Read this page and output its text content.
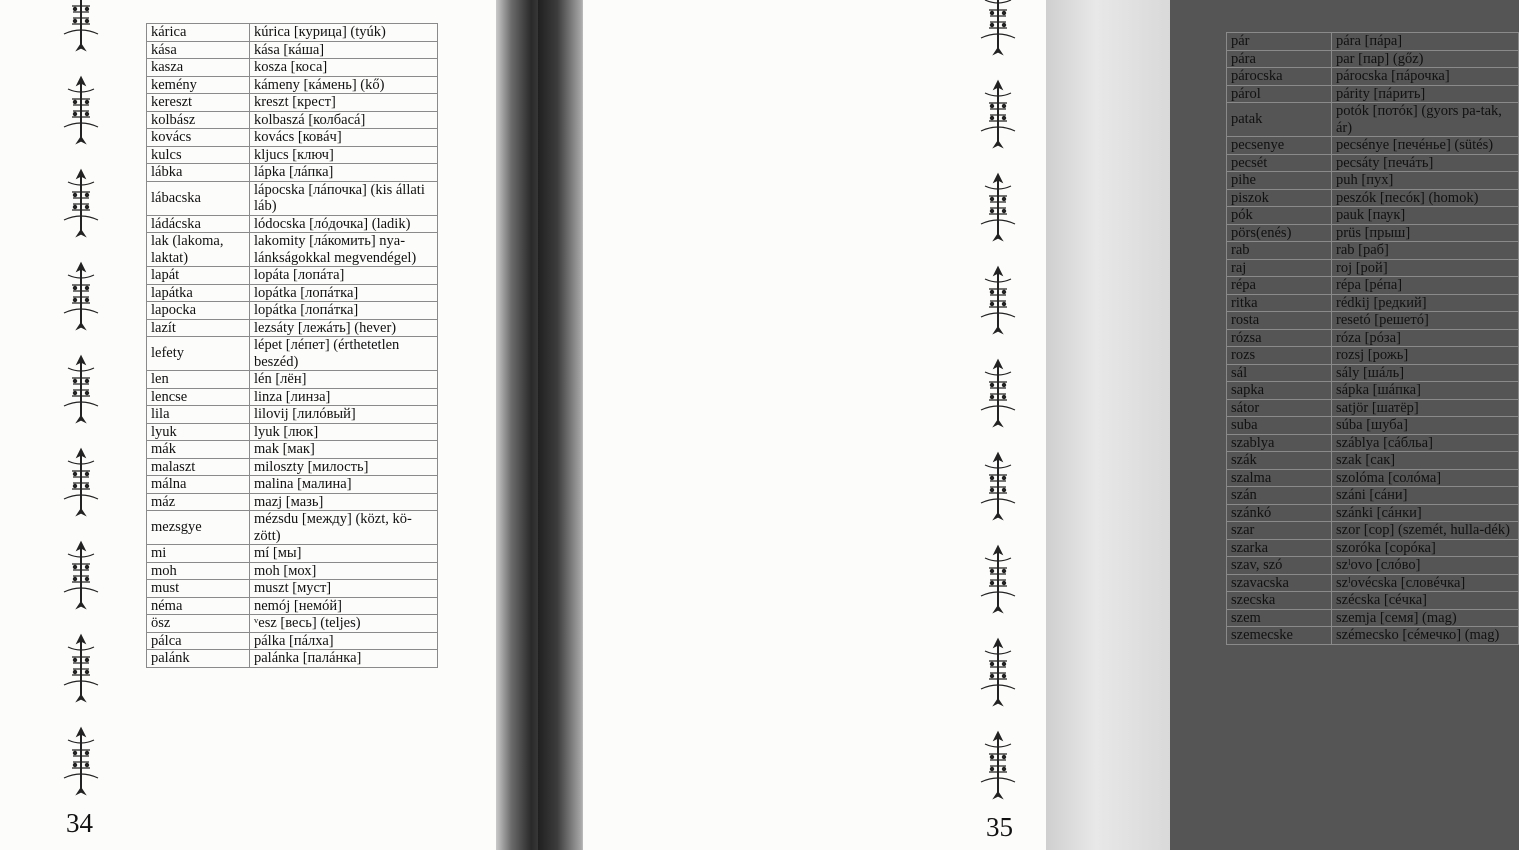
kárica	kúrica [курица] (tyúk)
kása	kása [кáша]
kasza	kosza [коса]
kemény	kámeny [кáмень] (kő)
kereszt	kreszt [крест]
kolbász	kolbaszá [колбасá]
kovács	kovács [ковáч]
kulcs	kljucs [ключ]
lábka	lápka [лáпка]
lábacska	lápocska [лáпочка] (kis állati láb)
ládácska	lódocska [лóдочка] (ladik)
lak (lakoma, laktat)	lakomity [лáкомить] nya-lánkságokkal megvendégel)
lapát	lopáta [лопáта]
lapátka	lopátka [лопáтка]
lapocka	lopátka [лопáтка]
lazít	lezsáty [лежáть] (hever)
lefety	lépet [лéпет] (érthetetlen beszéd)
len	lén [лён]
lencse	linza [линза]
lila	lilovij [лилóвый]
lyuk	lyuk [люк]
mák	mak [мак]
malaszt	miloszty [милость]
málna	malina [малина]
máz	mazj [мазь]
mezsgye	mézsdu [между] (közt, kö-zött)
mi	mí [мы]
moh	moh [мох]
must	muszt [муст]
néma	nemój [немóй]
ösz	ᵛesz [весь] (teljes)
pálca	pálka [пáлха]
palánk	palánka [палáнка]
34
pár	pára [пáра]
pára	par [пар] (gőz)
párocska	párocska [пáрочка]
párol	párity [пáрить]
patak	potók [потóк] (gyors pa-tak, ár)
pecsenye	pecsénye [печéнье] (sütés)
pecsét	pecsáty [печáть]
pihe	puh [пух]
piszok	peszók [песóк] (homok)
pók	pauk [паук]
pörs(enés)	prüs [прыш]
rab	rab [раб]
raj	roj [рой]
répa	répa [рéпа]
ritka	rédkij [редкий]
rosta	resetó [решетó]
rózsa	róza [рóза]
rozs	rozsj [рожь]
sál	sály [шáль]
sapka	sápka [шáпка]
sátor	satjör [шатëр]
suba	súba [шуба]
szablya	száblya [сáбльа]
szák	szak [сак]
szalma	szolóma [солóма]
szán	száni [сáни]
szánkó	szánki [сáнки]
szar	szor [сор] (szemét, hulla-dék)
szarka	szoróka [сорóка]
szav, szó	szˡovo [слóво]
szavacska	szˡovécska [словéчка]
szecska	szécska [сéчка]
szem	szemja [семя] (mag)
szemecske	szémecsko [сéмечко] (mag)
35
